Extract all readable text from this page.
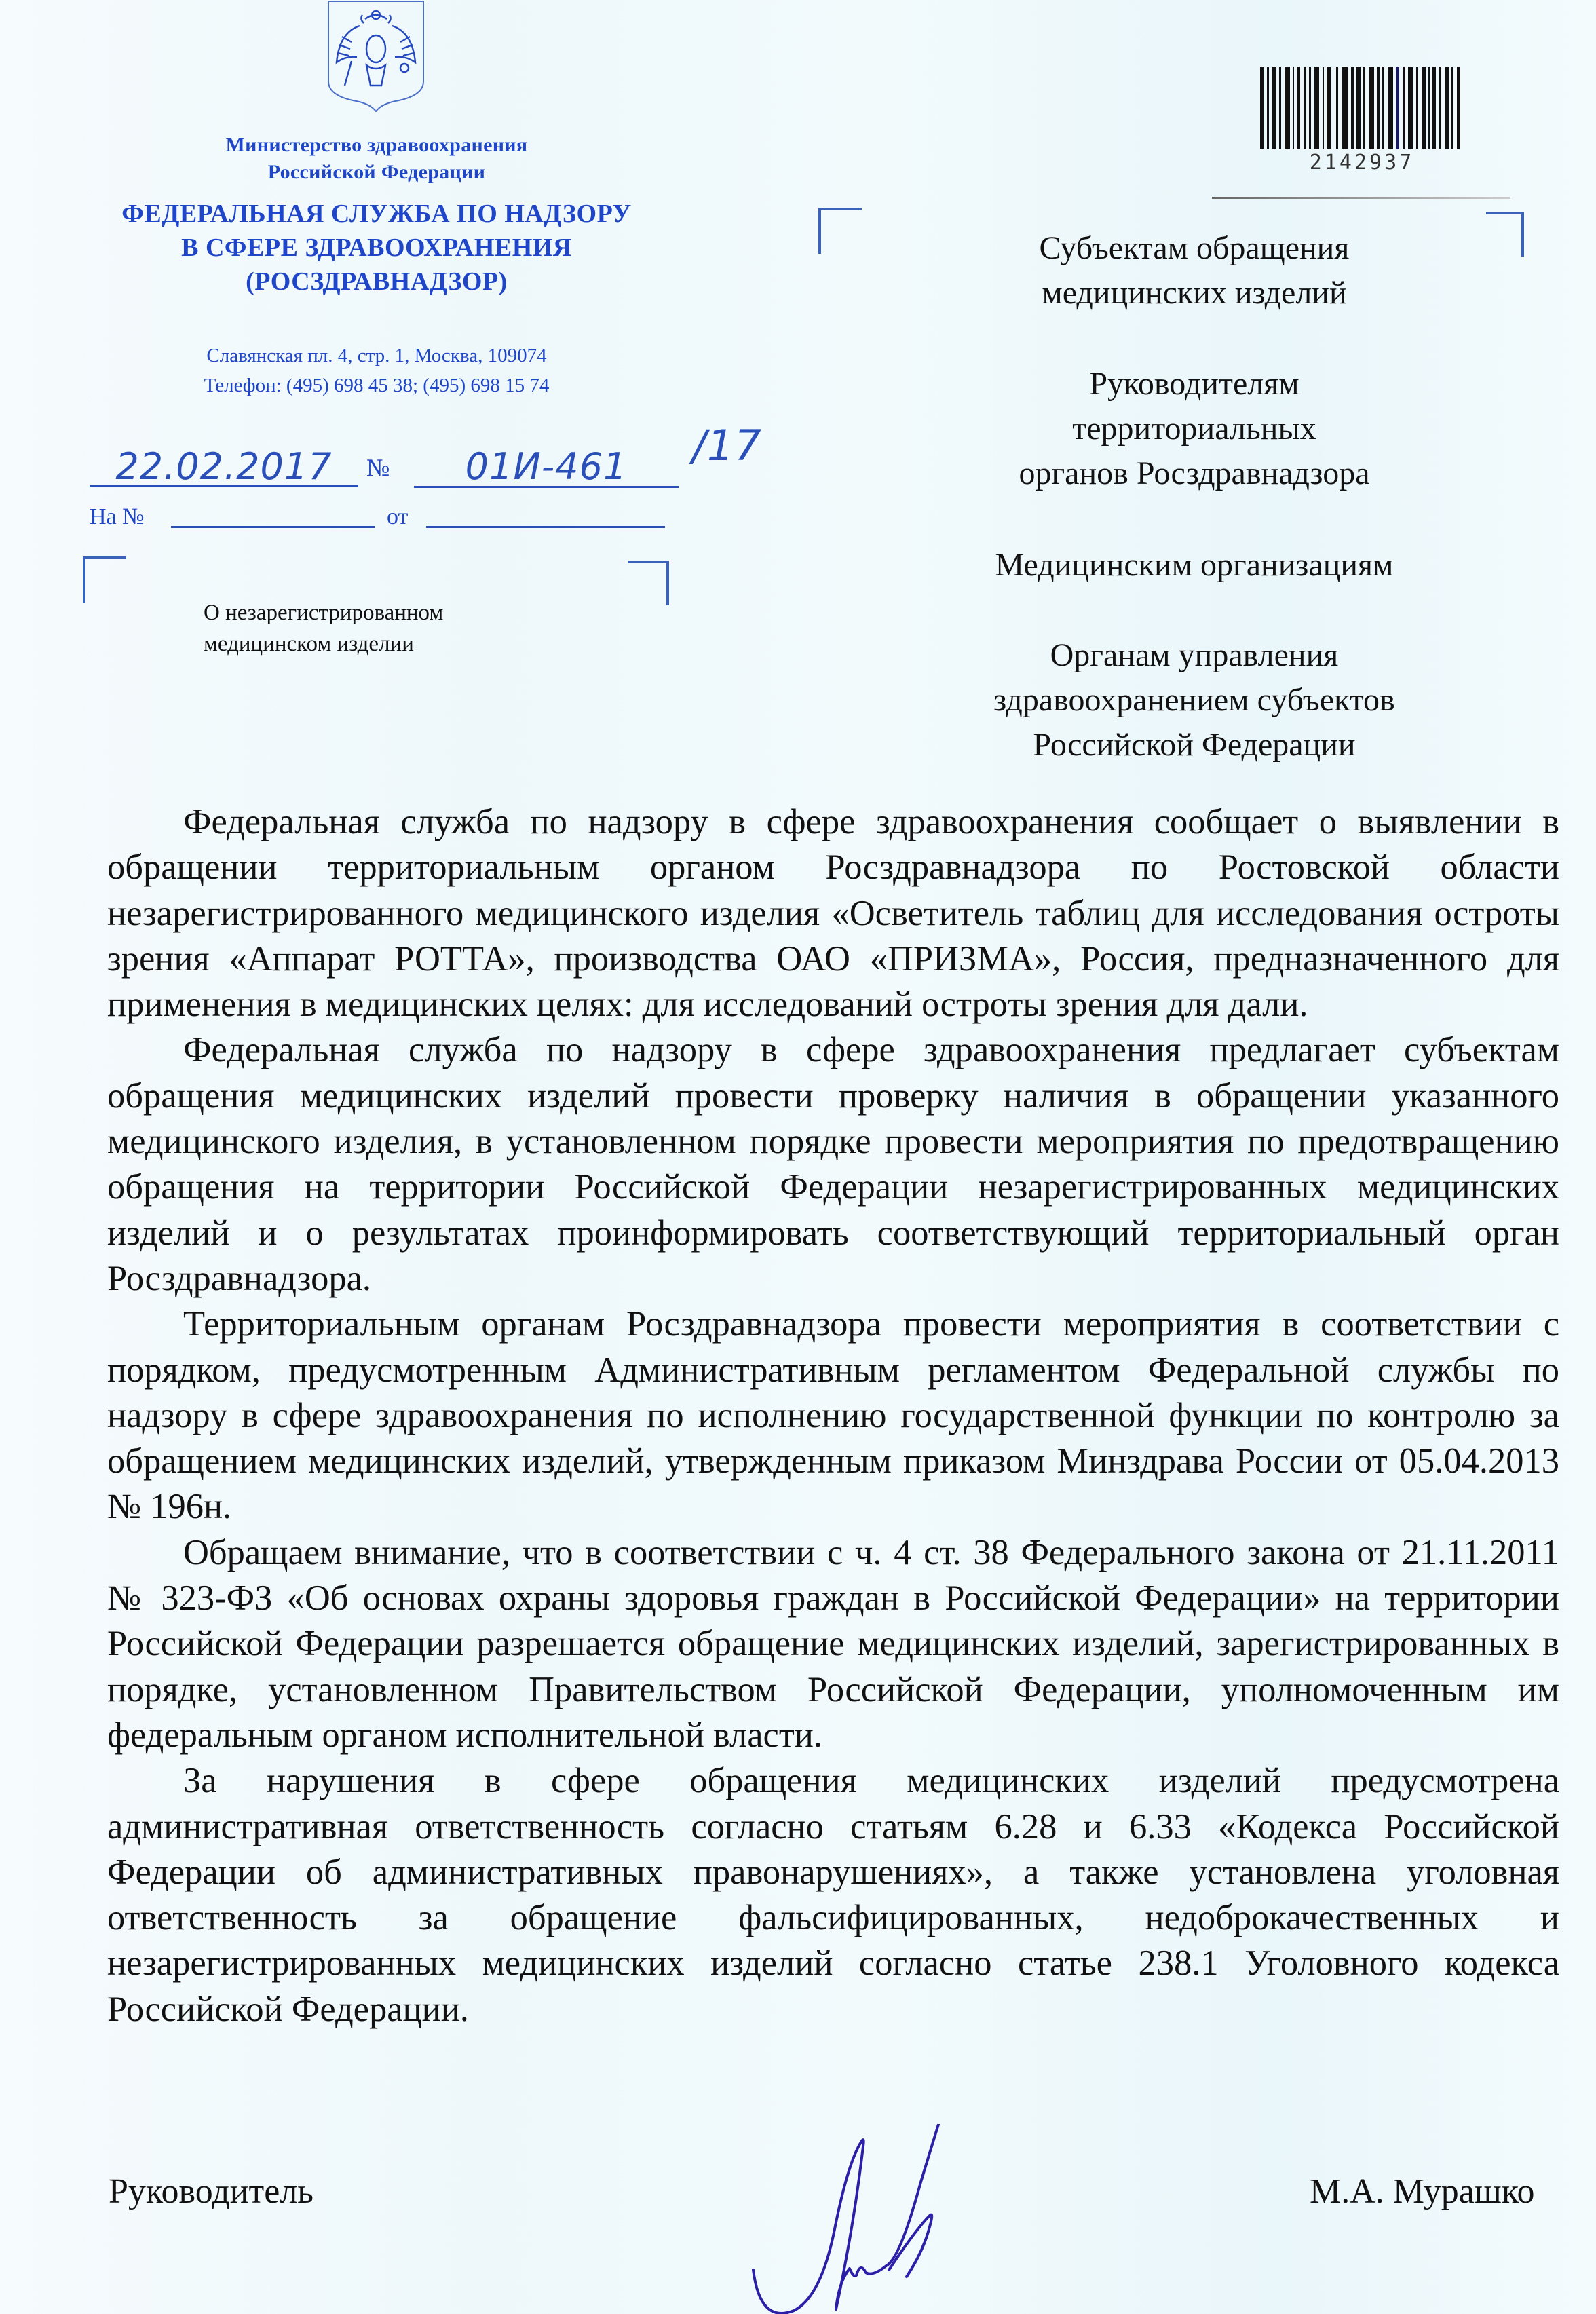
Министерство здравоохранения
Российской Федерации
ФЕДЕРАЛЬНАЯ СЛУЖБА ПО НАДЗОРУ
В СФЕРЕ ЗДРАВООХРАНЕНИЯ
(РОСЗДРАВНАДЗОР)
Славянская пл. 4, стр. 1, Москва, 109074
Телефон: (495) 698 45 38; (495) 698 15 74
22.02.2017	№	01И-461	/17
На №	от
О незарегистрированном
медицинском изделии
2142937
Субъектам обращения
медицинских изделий
Руководителям
территориальных
органов Росздравнадзора
Медицинским организациям
Органам управления
здравоохранением субъектов
Российской Федерации

Федеральная служба по надзору в сфере здравоохранения сообщает о выявлении в обращении территориальным органом Росздравнадзора по Ростовской области незарегистрированного медицинского изделия «Осветитель таблиц для исследования остроты зрения «Аппарат РОТТА», производства ОАО «ПРИЗМА», Россия, предназначенного для применения в медицинских целях: для исследований остроты зрения для дали.

Федеральная служба по надзору в сфере здравоохранения предлагает субъектам обращения медицинских изделий провести проверку наличия в обращении указанного медицинского изделия, в установленном порядке провести мероприятия по предотвращению обращения на территории Российской Федерации незарегистрированных медицинских изделий и о результатах проинформировать соответствующий территориальный орган Росздравнадзора.

Территориальным органам Росздравнадзора провести мероприятия в соответствии с порядком, предусмотренным Административным регламентом Федеральной службы по надзору в сфере здравоохранения по исполнению государственной функции по контролю за обращением медицинских изделий, утвержденным приказом Минздрава России от 05.04.2013 № 196н.

Обращаем внимание, что в соответствии с ч. 4 ст. 38 Федерального закона от 21.11.2011 № 323-ФЗ «Об основах охраны здоровья граждан в Российской Федерации» на территории Российской Федерации разрешается обращение медицинских изделий, зарегистрированных в порядке, установленном Правительством Российской Федерации, уполномоченным им федеральным органом исполнительной власти.

За нарушения в сфере обращения медицинских изделий предусмотрена административная ответственность согласно статьям 6.28 и 6.33 «Кодекса Российской Федерации об административных правонарушениях», а также установлена уголовная ответственность за обращение фальсифицированных, недоброкачественных и незарегистрированных медицинских изделий согласно статье 238.1 Уголовного кодекса Российской Федерации.

Руководитель	М.А. Мурашко
